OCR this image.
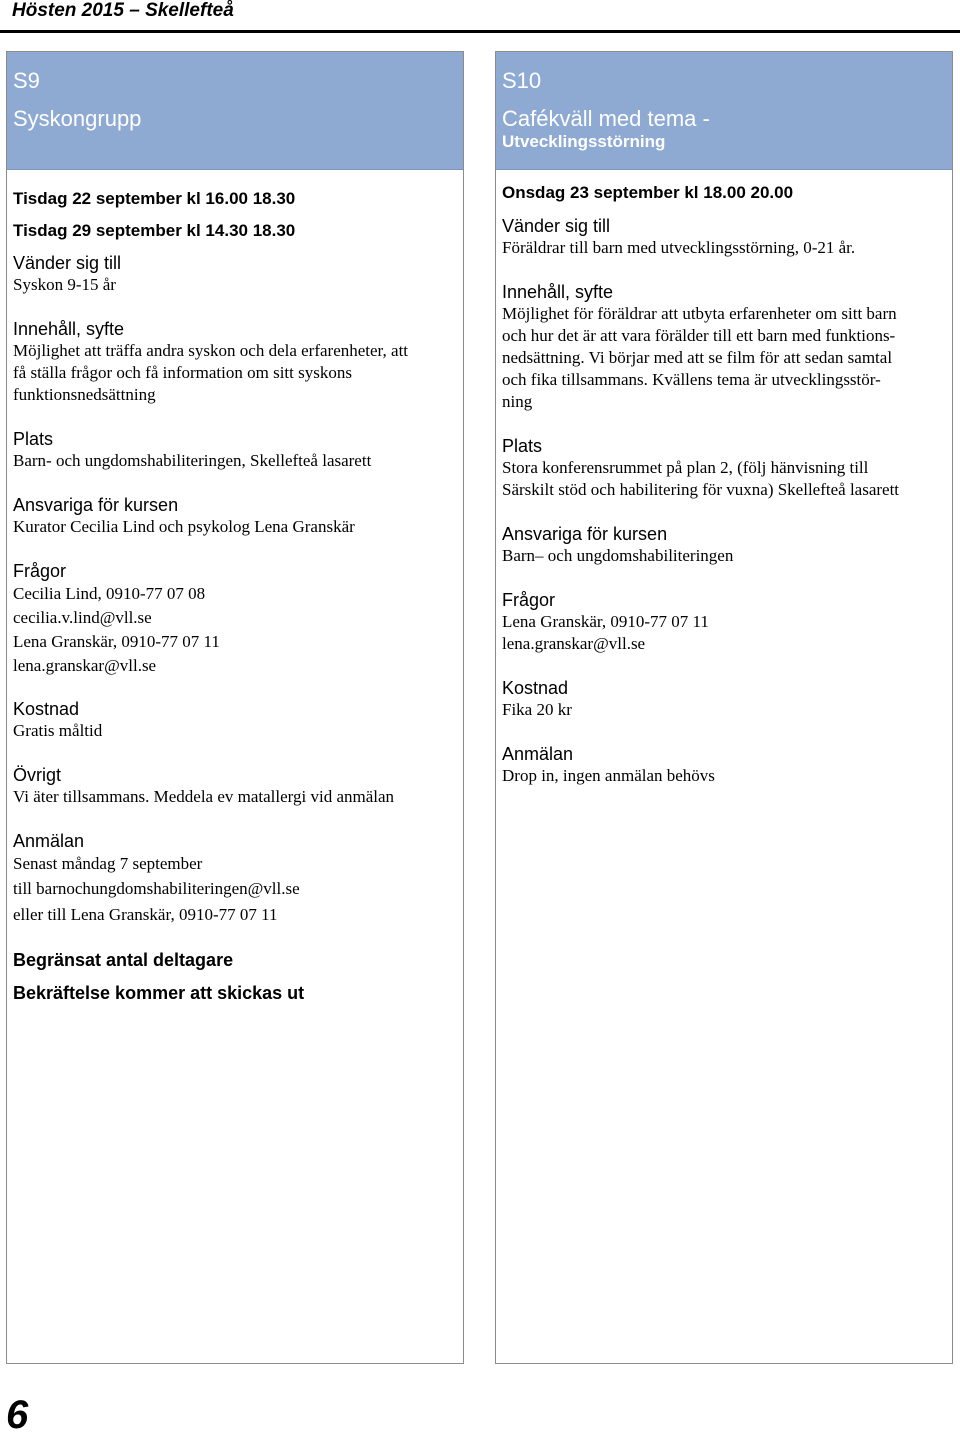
Hösten 2015 – Skellefteå
S9
Syskongrupp
Tisdag 22 september kl 16.00 18.30
Tisdag 29 september kl 14.30 18.30
Vänder sig till
Syskon 9-15 år
Innehåll, syfte
Möjlighet att träffa andra syskon och dela erfarenheter, att
få ställa frågor och få information om sitt syskons
funktionsnedsättning
Plats
Barn- och ungdomshabiliteringen, Skellefteå lasarett
Ansvariga för kursen
Kurator Cecilia Lind och psykolog Lena Granskär
Frågor
Cecilia Lind, 0910-77 07 08
cecilia.v.lind@vll.se
Lena Granskär, 0910-77 07 11
lena.granskar@vll.se
Kostnad
Gratis måltid
Övrigt
Vi äter tillsammans. Meddela ev matallergi vid anmälan
Anmälan
Senast måndag 7 september
till barnochungdomshabiliteringen@vll.se
eller till Lena Granskär, 0910-77 07 11
Begränsat antal deltagare
Bekräftelse kommer att skickas ut
S10
Cafékväll med tema -
Utvecklingsstörning
Onsdag 23 september kl 18.00 20.00
Vänder sig till
Föräldrar till barn med utvecklingsstörning, 0-21 år.
Innehåll, syfte
Möjlighet för föräldrar att utbyta erfarenheter om sitt barn
och hur det är att vara förälder till ett barn med funktions-
nedsättning. Vi börjar med att se film för att sedan samtal
och fika tillsammans. Kvällens tema är utvecklingsstör-
ning
Plats
Stora konferensrummet på plan 2, (följ hänvisning till
Särskilt stöd och habilitering för vuxna) Skellefteå lasarett
Ansvariga för kursen
Barn– och ungdomshabiliteringen
Frågor
Lena Granskär, 0910-77 07 11
lena.granskar@vll.se
Kostnad
Fika 20 kr
Anmälan
Drop in, ingen anmälan behövs
6
